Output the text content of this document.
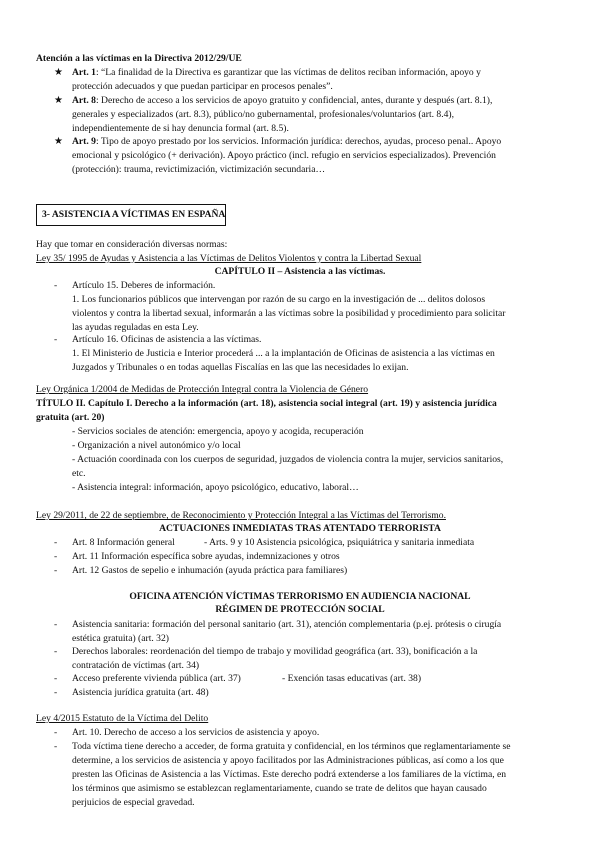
Atención a las víctimas en la Directiva 2012/29/UE
★ Art. 1: “La finalidad de la Directiva es garantizar que las víctimas de delitos reciban información, apoyo y
protección adecuados y que puedan participar en procesos penales”.
★ Art. 8: Derecho de acceso a los servicios de apoyo gratuito y confidencial, antes, durante y después (art. 8.1),
generales y especializados (art. 8.3), público/no gubernamental, profesionales/voluntarios (art. 8.4),
independientemente de si hay denuncia formal (art. 8.5).
★ Art. 9: Tipo de apoyo prestado por los servicios. Información jurídica: derechos, ayudas, proceso penal.. Apoyo
emocional y psicológico (+ derivación). Apoyo práctico (incl. refugio en servicios especializados). Prevención
(protección): trauma, revictimización, victimización secundaria…
3- ASISTENCIA A VÍCTIMAS EN ESPAÑA
Hay que tomar en consideración diversas normas:
Ley 35/ 1995 de Ayudas y Asistencia a las Víctimas de Delitos Violentos y contra la Libertad Sexual
CAPÍTULO II – Asistencia a las víctimas.
- Artículo 15. Deberes de información.
1. Los funcionarios públicos que intervengan por razón de su cargo en la investigación de ... delitos dolosos
violentos y contra la libertad sexual, informarán a las víctimas sobre la posibilidad y procedimiento para solicitar
las ayudas reguladas en esta Ley.
- Artículo 16. Oficinas de asistencia a las víctimas.
1. El Ministerio de Justicia e Interior procederá ... a la implantación de Oficinas de asistencia a las víctimas en
Juzgados y Tribunales o en todas aquellas Fiscalías en las que las necesidades lo exijan.
Ley Orgánica 1/2004 de Medidas de Protección Integral contra la Violencia de Género
TÍTULO II. Capítulo I. Derecho a la información (art. 18), asistencia social integral (art. 19) y asistencia jurídica
gratuita (art. 20)
- Servicios sociales de atención: emergencia, apoyo y acogida, recuperación
- Organización a nivel autonómico y/o local
- Actuación coordinada con los cuerpos de seguridad, juzgados de violencia contra la mujer, servicios sanitarios,
etc.
- Asistencia integral: información, apoyo psicológico, educativo, laboral…
Ley 29/2011, de 22 de septiembre, de Reconocimiento y Protección Integral a las Víctimas del Terrorismo.
ACTUACIONES INMEDIATAS TRAS ATENTADO TERRORISTA
- Art. 8 Información general	- Arts. 9 y 10 Asistencia psicológica, psiquiátrica y sanitaria inmediata
- Art. 11 Información específica sobre ayudas, indemnizaciones y otros
- Art. 12 Gastos de sepelio e inhumación (ayuda práctica para familiares)
OFICINA ATENCIÓN VÍCTIMAS TERRORISMO EN AUDIENCIA NACIONAL
RÉGIMEN DE PROTECCIÓN SOCIAL
- Asistencia sanitaria: formación del personal sanitario (art. 31), atención complementaria (p.ej. prótesis o cirugía
estética gratuita) (art. 32)
- Derechos laborales: reordenación del tiempo de trabajo y movilidad geográfica (art. 33), bonificación a la
contratación de víctimas (art. 34)
- Acceso preferente vivienda pública (art. 37)	- Exención tasas educativas (art. 38)
- Asistencia jurídica gratuita (art. 48)
Ley 4/2015 Estatuto de la Víctima del Delito
- Art. 10. Derecho de acceso a los servicios de asistencia y apoyo.
- Toda víctima tiene derecho a acceder, de forma gratuita y confidencial, en los términos que reglamentariamente se
determine, a los servicios de asistencia y apoyo facilitados por las Administraciones públicas, así como a los que
presten las Oficinas de Asistencia a las Víctimas. Este derecho podrá extenderse a los familiares de la víctima, en
los términos que asimismo se establezcan reglamentariamente, cuando se trate de delitos que hayan causado
perjuicios de especial gravedad.
